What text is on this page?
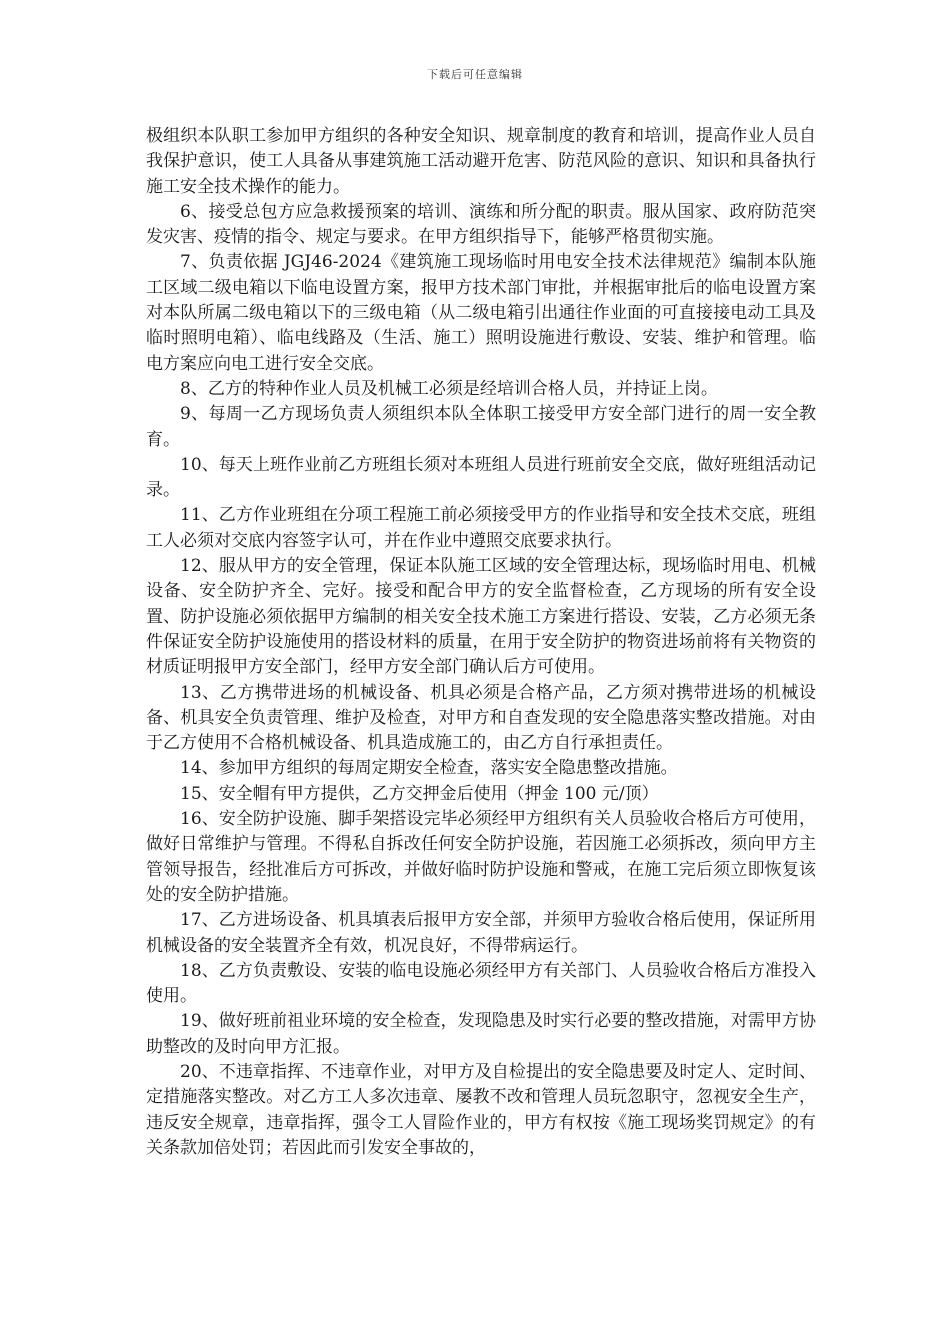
下载后可任意编辑

极组织本队职工参加甲方组织的各种安全知识、规章制度的教育和培训，提高作业人员自我保护意识，使工人具备从事建筑施工活动避开危害、防范风险的意识、知识和具备执行施工安全技术操作的能力。

6、接受总包方应急救援预案的培训、演练和所分配的职责。服从国家、政府防范突发灾害、疫情的指令、规定与要求。在甲方组织指导下，能够严格贯彻实施。

7、负责依据 JGJ46-2024《建筑施工现场临时用电安全技术法律规范》编制本队施工区域二级电箱以下临电设置方案，报甲方技术部门审批，并根据审批后的临电设置方案对本队所属二级电箱以下的三级电箱（从二级电箱引出通往作业面的可直接接电动工具及临时照明电箱）、临电线路及（生活、施工）照明设施进行敷设、安装、维护和管理。临电方案应向电工进行安全交底。

8、乙方的特种作业人员及机械工必须是经培训合格人员，并持证上岗。

9、每周一乙方现场负责人须组织本队全体职工接受甲方安全部门进行的周一安全教育。

10、每天上班作业前乙方班组长须对本班组人员进行班前安全交底，做好班组活动记录。

11、乙方作业班组在分项工程施工前必须接受甲方的作业指导和安全技术交底，班组工人必须对交底内容签字认可，并在作业中遵照交底要求执行。

12、服从甲方的安全管理，保证本队施工区域的安全管理达标，现场临时用电、机械设备、安全防护齐全、完好。接受和配合甲方的安全监督检查，乙方现场的所有安全设置、防护设施必须依据甲方编制的相关安全技术施工方案进行搭设、安装，乙方必须无条件保证安全防护设施使用的搭设材料的质量，在用于安全防护的物资进场前将有关物资的材质证明报甲方安全部门，经甲方安全部门确认后方可使用。

13、乙方携带进场的机械设备、机具必须是合格产品，乙方须对携带进场的机械设备、机具安全负责管理、维护及检查，对甲方和自查发现的安全隐患落实整改措施。对由于乙方使用不合格机械设备、机具造成施工的，由乙方自行承担责任。

14、参加甲方组织的每周定期安全检查，落实安全隐患整改措施。

15、安全帽有甲方提供，乙方交押金后使用（押金 100 元/顶）

16、安全防护设施、脚手架搭设完毕必须经甲方组织有关人员验收合格后方可使用，做好日常维护与管理。不得私自拆改任何安全防护设施，若因施工必须拆改，须向甲方主管领导报告，经批准后方可拆改，并做好临时防护设施和警戒，在施工完后须立即恢复该处的安全防护措施。

17、乙方进场设备、机具填表后报甲方安全部，并须甲方验收合格后使用，保证所用机械设备的安全装置齐全有效，机况良好，不得带病运行。

18、乙方负责敷设、安装的临电设施必须经甲方有关部门、人员验收合格后方准投入使用。

19、做好班前祖业环境的安全检查，发现隐患及时实行必要的整改措施，对需甲方协助整改的及时向甲方汇报。

20、不违章指挥、不违章作业，对甲方及自检提出的安全隐患要及时定人、定时间、定措施落实整改。对乙方工人多次违章、屡教不改和管理人员玩忽职守，忽视安全生产，违反安全规章，违章指挥，强令工人冒险作业的，甲方有权按《施工现场奖罚规定》的有关条款加倍处罚；若因此而引发安全事故的，
